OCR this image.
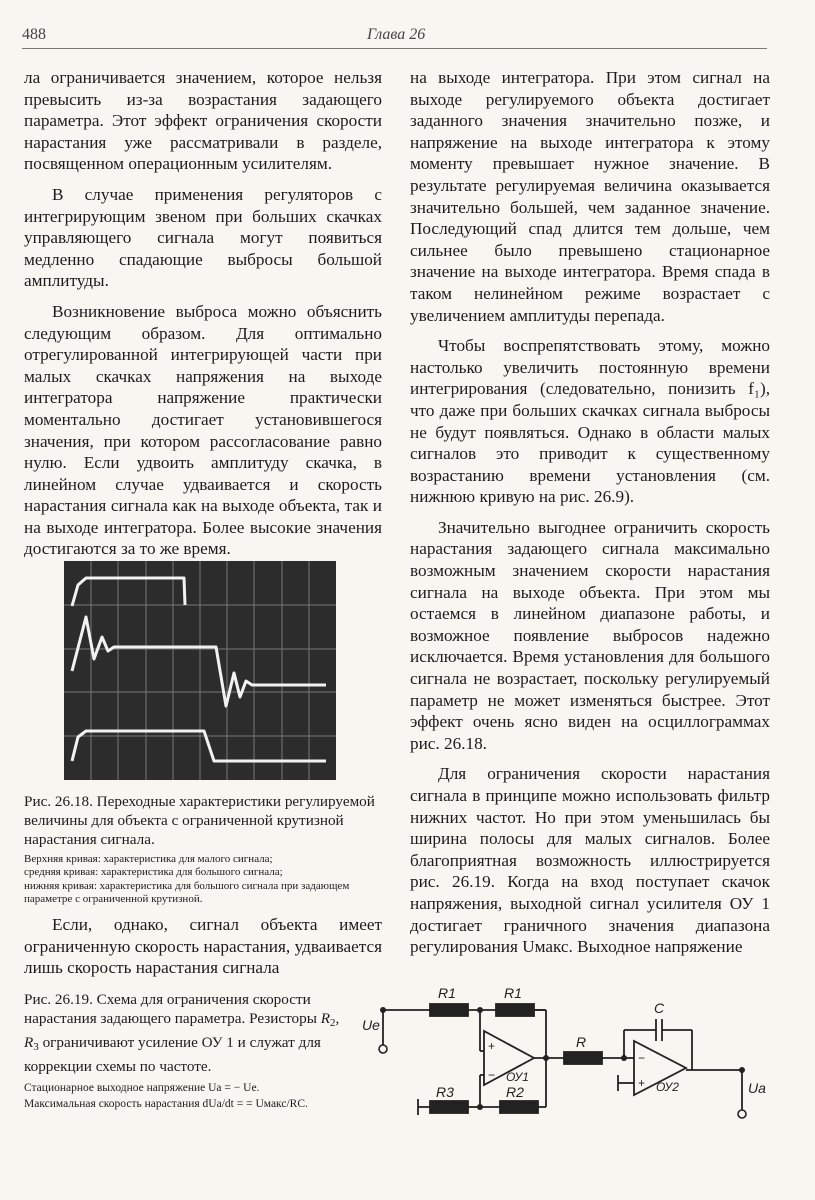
488	Глава 26

ла ограничивается значением, которое нельзя превысить из-за возрастания задающего параметра. Этот эффект ограничения скорости нарастания уже рассматривали в разделе, посвященном операционным усилителям.

В случае применения регуляторов с интегрирующим звеном при больших скачках управляющего сигнала могут появиться медленно спадающие выбросы большой амплитуды.

Возникновение выброса можно объяснить следующим образом. Для оптимально отрегулированной интегрирующей части при малых скачках напряжения на выходе интегратора напряжение практически моментально достигает установившегося значения, при котором рассогласование равно нулю. Если удвоить амплитуду скачка, в линейном случае удваивается и скорость нарастания сигнала как на выходе объекта, так и на выходе интегратора. Более высокие значения достигаются за то же время.

Рис. 26.18. Переходные характеристики регулируемой величины для объекта с ограниченной крутизной нарастания сигнала.
Верхняя кривая: характеристика для малого сигнала;
средняя кривая: характеристика для большого сигнала;
нижняя кривая: характеристика для большого сигнала при задающем параметре с ограниченной крутизной.
Если, однако, сигнал объекта имеет ограниченную скорость нарастания, удваивается лишь скорость нарастания сигнала
Рис. 26.19. Схема для ограничения скорости нарастания задающего параметра. Резисторы $R_2$, $R_3$ ограничивают усиление ОУ 1 и служат для коррекции схемы по частоте.
Стационарное выходное напряжение Ua = − Ue.
Максимальная скорость нарастания dUa/dt = = Uмакс/RC.

на выходе интегратора. При этом сигнал на выходе регулируемого объекта достигает заданного значения значительно позже, и напряжение на выходе интегратора к этому моменту превышает нужное значение. В результате регулируемая величина оказывается значительно большей, чем заданное значение. Последующий спад длится тем дольше, чем сильнее было превышено стационарное значение на выходе интегратора. Время спада в таком нелинейном режиме возрастает с увеличением амплитуды перепада.

Чтобы воспрепятствовать этому, можно настолько увеличить постоянную времени интегрирования (следовательно, понизить f₁), что даже при больших скачках сигнала выбросы не будут появляться. Однако в области малых сигналов это приводит к существенному возрастанию времени установления (см. нижнюю кривую на рис. 26.9).

Значительно выгоднее ограничить скорость нарастания задающего сигнала максимально возможным значением скорости нарастания сигнала на выходе объекта. При этом мы остаемся в линейном диапазоне работы, и возможное появление выбросов надежно исключается. Время установления для большого сигнала не возрастает, поскольку регулируемый параметр не может изменяться быстрее. Этот эффект очень ясно виден на осциллограммах рис. 26.18.

Для ограничения скорости нарастания сигнала в принципе можно использовать фильтр нижних частот. Но при этом уменьшилась бы ширина полосы для малых сигналов. Более благоприятная возможность иллюстрируется рис. 26.19. Когда на вход поступает скачок напряжения, выходной сигнал усилителя ОУ 1 достигает граничного значения диапазона регулирования Uмакс. Выходное напряжение

R1	R1
R
C
R3	R2
Ue
Ua
ОУ1
ОУ2
+
−
+
−
